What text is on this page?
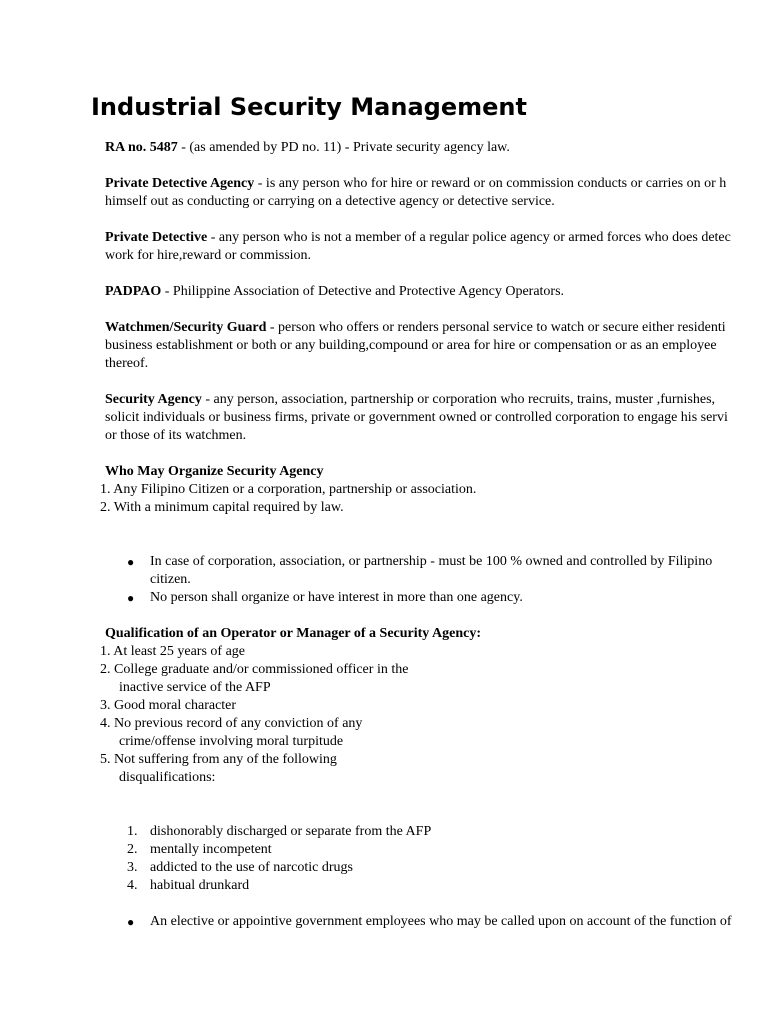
Industrial Security Management

RA no. 5487 - (as amended by PD no. 11) - Private security agency law.

Private Detective Agency - is any person who for hire or reward or on commission conducts or carries on or h

himself out as conducting or carrying on a detective agency or detective service.

Private Detective - any person who is not a member of a regular police agency or armed forces who does detec

work for hire,reward or commission.

PADPAO - Philippine Association of Detective and Protective Agency Operators.

Watchmen/Security Guard - person who offers or renders personal service to watch or secure either residenti

business establishment or both or any building,compound or area for hire or compensation or as an employee

thereof.

Security Agency - any person, association, partnership or corporation who recruits, trains, muster ,furnishes,

solicit individuals or business firms, private or government owned or controlled corporation to engage his servi

or those of its watchmen.

Who May Organize Security Agency

1. Any Filipino Citizen or a corporation, partnership or association.

2. With a minimum capital required by law.

● In case of corporation, association, or partnership - must be 100 % owned and controlled by Filipino
citizen.
● No person shall organize or have interest in more than one agency.

Qualification of an Operator or Manager of a Security Agency:

1. At least 25 years of age

2. College graduate and/or commissioned officer in the

inactive service of the AFP

3. Good moral character

4. No previous record of any conviction of any

crime/offense involving moral turpitude

5. Not suffering from any of the following

disqualifications:

1. dishonorably discharged or separate from the AFP
2. mentally incompetent
3. addicted to the use of narcotic drugs
4. habitual drunkard
● An elective or appointive government employees who may be called upon on account of the function of
